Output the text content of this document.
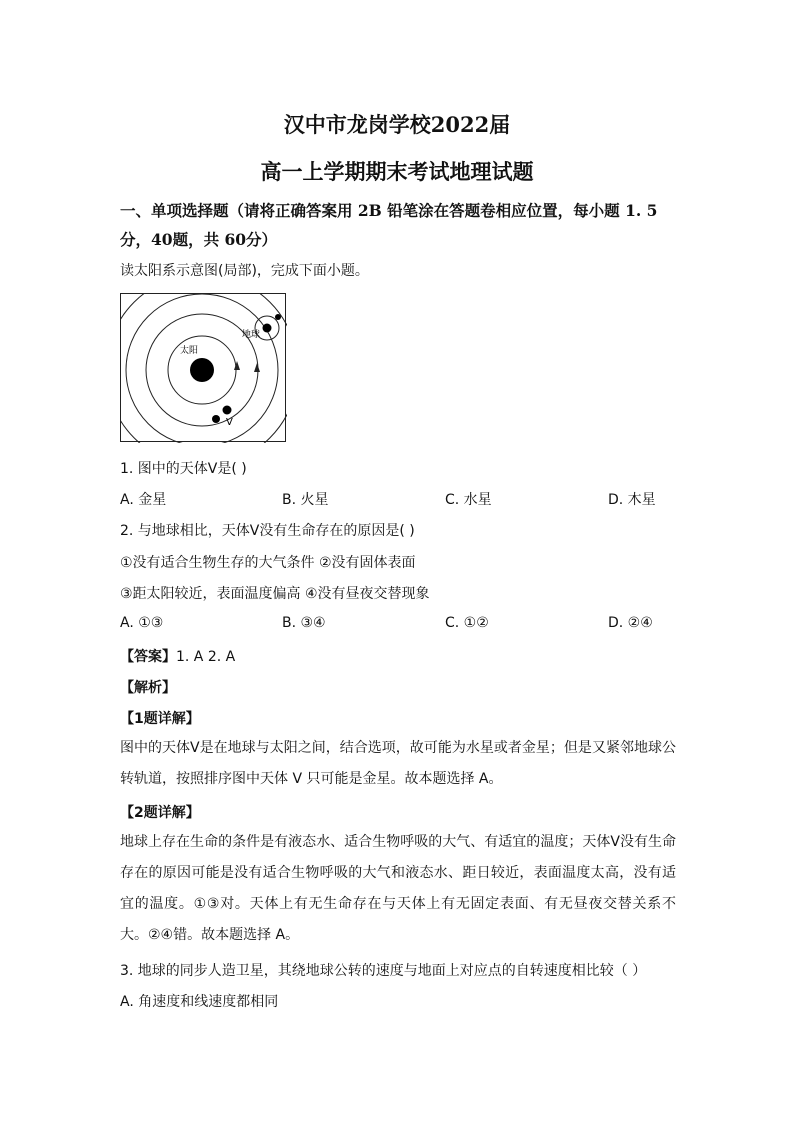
汉中市龙岗学校2022届
高一上学期期末考试地理试题
一、单项选择题（请将正确答案用 2B 铅笔涂在答题卷相应位置，每小题 1. 5 分，40题，共 60分）
读太阳系示意图(局部)，完成下面小题。
太阳
V
地球
1. 图中的天体Ⅴ是( )
A. 金星	B. 火星	C. 水星	D. 木星
2. 与地球相比，天体Ⅴ没有生命存在的原因是( )
①没有适合生物生存的大气条件 ②没有固体表面
③距太阳较近，表面温度偏高 ④没有昼夜交替现象
A. ①③	B. ③④	C. ①②	D. ②④
【答案】1. A 2. A
【解析】
【1题详解】
图中的天体Ⅴ是在地球与太阳之间，结合选项，故可能为水星或者金星；但是又紧邻地球公转轨道，按照排序图中天体 V 只可能是金星。故本题选择 A。
【2题详解】
地球上存在生命的条件是有液态水、适合生物呼吸的大气、有适宜的温度；天体Ⅴ没有生命存在的原因可能是没有适合生物呼吸的大气和液态水、距日较近，表面温度太高，没有适宜的温度。①③对。天体上有无生命存在与天体上有无固定表面、有无昼夜交替关系不大。②④错。故本题选择 A。
3. 地球的同步人造卫星，其绕地球公转的速度与地面上对应点的自转速度相比较（ ）
A. 角速度和线速度都相同
